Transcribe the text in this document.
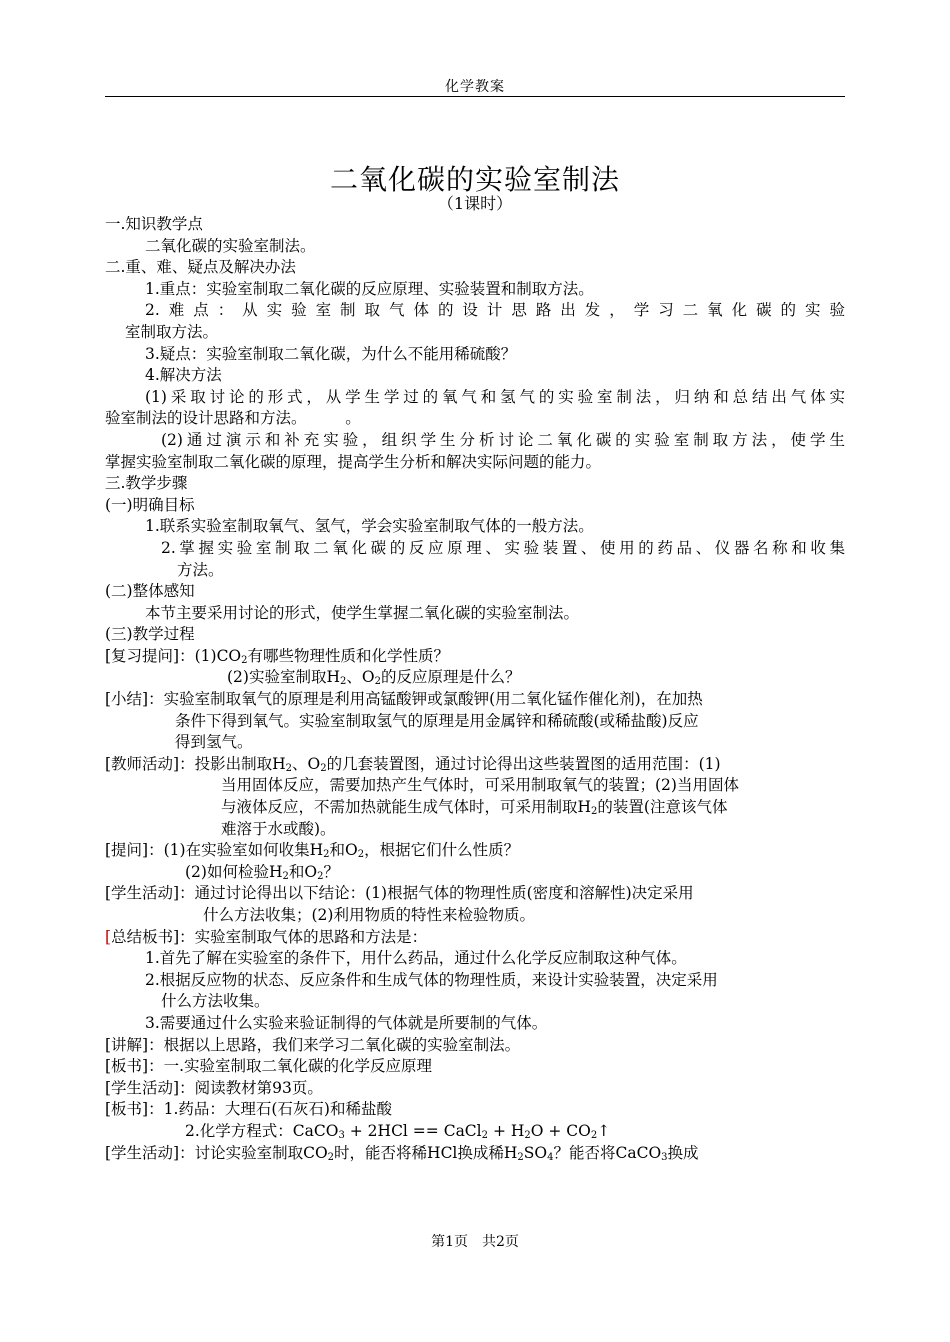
化学教案
二氧化碳的实验室制法
（1课时）
一.知识教学点
二氧化碳的实验室制法。
二.重、难、疑点及解决办法
1.重点：实验室制取二氧化碳的反应原理、实验装置和制取方法。
2.难点：从实验室制取气体的设计思路出发，学习二氧化碳的实验
室制取方法。
3.疑点：实验室制取二氧化碳，为什么不能用稀硫酸？
4.解决方法
(1)采取讨论的形式，从学生学过的氧气和氢气的实验室制法，归纳和总结出气体实
验室制法的设计思路和方法。　　　。
(2)通过演示和补充实验，组织学生分析讨论二氧化碳的实验室制取方法，使学生
掌握实验室制取二氧化碳的原理，提高学生分析和解决实际问题的能力。
三.教学步骤
(一)明确目标
1.联系实验室制取氧气、氢气，学会实验室制取气体的一般方法。
2.掌握实验室制取二氧化碳的反应原理、实验装置、使用的药品、仪器名称和收集
方法。
(二)整体感知
本节主要采用讨论的形式，使学生掌握二氧化碳的实验室制法。
(三)教学过程
[复习提问]：$(1)CO_2$有哪些物理性质和化学性质？
(2)实验室制取$H_2$、$O_2$的反应原理是什么？
[小结]：实验室制取氧气的原理是利用高锰酸钾或氯酸钾(用二氧化锰作催化剂)，在加热
条件下得到氧气。实验室制取氢气的原理是用金属锌和稀硫酸(或稀盐酸)反应
得到氢气。
[教师活动]：投影出制取$H_2$、$O_2$的几套装置图，通过讨论得出这些装置图的适用范围：(1)
当用固体反应，需要加热产生气体时，可采用制取氧气的装置；(2)当用固体
与液体反应，不需加热就能生成气体时，可采用制取$H_2$的装置(注意该气体
难溶于水或酸)。
[提问]：(1)在实验室如何收集$H_2$和$O_2$，根据它们什么性质？
(2)如何检验$H_2$和$O_2$？
[学生活动]：通过讨论得出以下结论：(1)根据气体的物理性质(密度和溶解性)决定采用
什么方法收集；(2)利用物质的特性来检验物质。
[总结板书]：实验室制取气体的思路和方法是：
1.首先了解在实验室的条件下，用什么药品，通过什么化学反应制取这种气体。
2.根据反应物的状态、反应条件和生成气体的物理性质，来设计实验装置，决定采用
什么方法收集。
3.需要通过什么实验来验证制得的气体就是所要制的气体。
[讲解]：根据以上思路，我们来学习二氧化碳的实验室制法。
[板书]：一.实验室制取二氧化碳的化学反应原理
[学生活动]：阅读教材第93页。
[板书]：1.药品：大理石(石灰石)和稀盐酸
2.化学方程式：CaCO$_3$ + 2HCl == CaCl$_2$ + $H_2O$ + $CO_2↑$
[学生活动]：讨论实验室制取$CO_2$时，能否将稀HCl换成稀$H_2SO_4$？能否将CaCO$_3$换成
第1页　共2页
